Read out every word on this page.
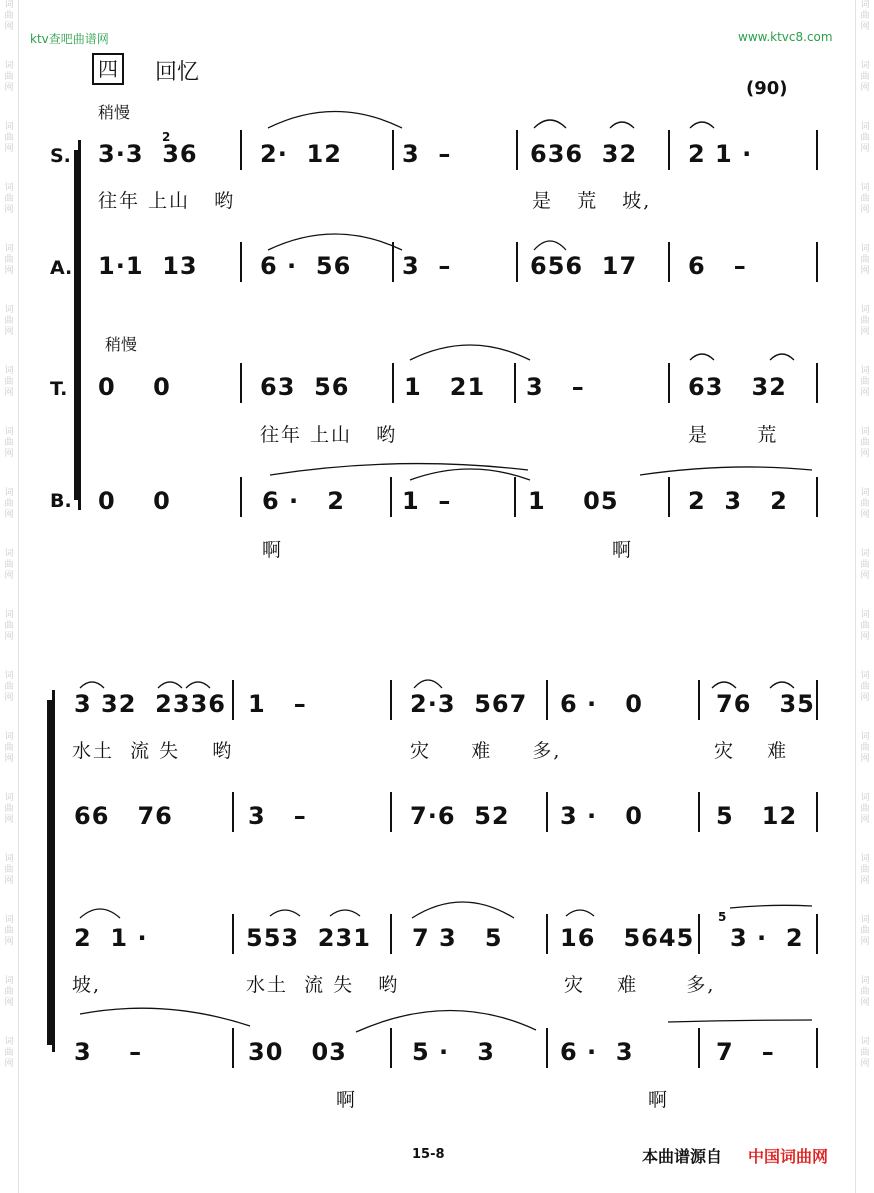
词
曲
网
词
曲
网
词
曲
网
词
曲
网
词
曲
网
词
曲
网
词
曲
网
词
曲
网
词
曲
网
词
曲
网
词
曲
网
词
曲
网
词
曲
网
词
曲
网
词
曲
网
词
曲
网
词
曲
网
词
曲
网
词
曲
网
词
曲
网
词
曲
网
词
曲
网
词
曲
网
词
曲
网
词
曲
网
词
曲
网
词
曲
网
词
曲
网
词
曲
网
词
曲
网
词
曲
网
词
曲
网
词
曲
网
词
曲
网
词
曲
网
词
曲
网
ktv查吧曲谱网	www.ktvc8.com
四 回忆
(90)
稍慢
S.
A.
稍慢
T.
B.
3·3  36
2
2·  12	3  –	636  32 2 1 ·
往年 上山   哟	是   荒   坡,
1·1  13	6 ·  56 3  –	656  17 6   –
0    0	63  56 1   21 3   –	63   32
往年 上山   哟	是      荒
0    0	6 ·   2 1  –	1    05	2  3   2
啊	啊
3 32  2336 1   –	2·3  567 6 ·   0	76   35
水土  流 失    哟	灾     难     多,	灾    难
66   76	3   –	7·6  52 3 ·   0	5   12
2  1 ·	553  231 7 3   5 16   5645 3 ·  2
5
坡,	水土  流 失   哟	灾    难      多,
3    –	30   03	5 ·   3	6 ·  3	7   –
啊	啊
15-8	本曲谱源自 中国词曲网
